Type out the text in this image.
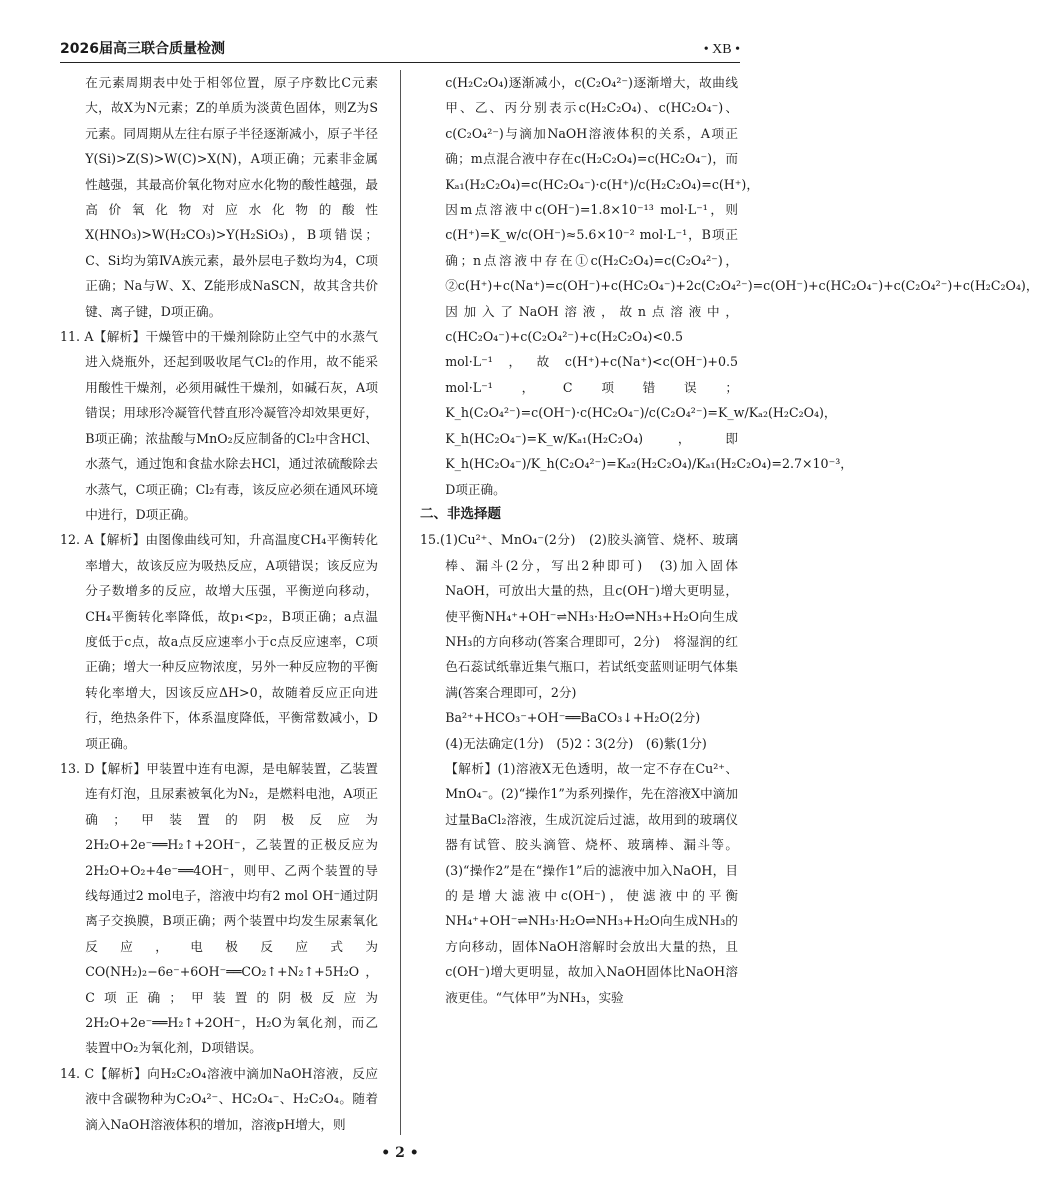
2026届高三联合质量检测	• XB •

在元素周期表中处于相邻位置，原子序数比C元素大，故X为N元素；Z的单质为淡黄色固体，则Z为S元素。同周期从左往右原子半径逐渐减小，原子半径Y(Si)>Z(S)>W(C)>X(N)，A项正确；元素非金属性越强，其最高价氧化物对应水化物的酸性越强，最高价氧化物对应水化物的酸性X(HNO₃)>W(H₂CO₃)>Y(H₂SiO₃)，B项错误；C、Si均为第ⅣA族元素，最外层电子数均为4，C项正确；Na与W、X、Z能形成NaSCN，故其含共价键、离子键，D项正确。

11. A【解析】干燥管中的干燥剂除防止空气中的水蒸气进入烧瓶外，还起到吸收尾气Cl₂的作用，故不能采用酸性干燥剂，必须用碱性干燥剂，如碱石灰，A项错误；用球形冷凝管代替直形冷凝管冷却效果更好，B项正确；浓盐酸与MnO₂反应制备的Cl₂中含HCl、水蒸气，通过饱和食盐水除去HCl，通过浓硫酸除去水蒸气，C项正确；Cl₂有毒，该反应必须在通风环境中进行，D项正确。

12. A【解析】由图像曲线可知，升高温度CH₄平衡转化率增大，故该反应为吸热反应，A项错误；该反应为分子数增多的反应，故增大压强，平衡逆向移动，CH₄平衡转化率降低，故p₁<p₂，B项正确；a点温度低于c点，故a点反应速率小于c点反应速率，C项正确；增大一种反应物浓度，另外一种反应物的平衡转化率增大，因该反应ΔH>0，故随着反应正向进行，绝热条件下，体系温度降低，平衡常数减小，D项正确。

13. D【解析】甲装置中连有电源，是电解装置，乙装置连有灯泡，且尿素被氧化为N₂，是燃料电池，A项正确；甲装置的阴极反应为2H₂O+2e⁻══H₂↑+2OH⁻，乙装置的正极反应为2H₂O+O₂+4e⁻══4OH⁻，则甲、乙两个装置的导线每通过2 mol电子，溶液中均有2 mol OH⁻通过阴离子交换膜，B项正确；两个装置中均发生尿素氧化反应，电极反应式为CO(NH₂)₂−6e⁻+6OH⁻══CO₂↑+N₂↑+5H₂O，C项正确；甲装置的阴极反应为2H₂O+2e⁻══H₂↑+2OH⁻，H₂O为氧化剂，而乙装置中O₂为氧化剂，D项错误。

14. C【解析】向H₂C₂O₄溶液中滴加NaOH溶液，反应液中含碳物种为C₂O₄²⁻、HC₂O₄⁻、H₂C₂O₄。随着滴入NaOH溶液体积的增加，溶液pH增大，则

c(H₂C₂O₄)逐渐减小，c(C₂O₄²⁻)逐渐增大，故曲线甲、乙、丙分别表示c(H₂C₂O₄)、c(HC₂O₄⁻)、c(C₂O₄²⁻)与滴加NaOH溶液体积的关系，A项正确；m点混合液中存在c(H₂C₂O₄)=c(HC₂O₄⁻)，而Kₐ₁(H₂C₂O₄)=c(HC₂O₄⁻)·c(H⁺)/c(H₂C₂O₄)=c(H⁺)，因m点溶液中c(OH⁻)=1.8×10⁻¹³ mol·L⁻¹，则c(H⁺)=K_w/c(OH⁻)≈5.6×10⁻² mol·L⁻¹，B项正确；n点溶液中存在①c(H₂C₂O₄)=c(C₂O₄²⁻)，②c(H⁺)+c(Na⁺)=c(OH⁻)+c(HC₂O₄⁻)+2c(C₂O₄²⁻)=c(OH⁻)+c(HC₂O₄⁻)+c(C₂O₄²⁻)+c(H₂C₂O₄)，因加入了NaOH溶液，故n点溶液中，c(HC₂O₄⁻)+c(C₂O₄²⁻)+c(H₂C₂O₄)<0.5 mol·L⁻¹，故c(H⁺)+c(Na⁺)<c(OH⁻)+0.5 mol·L⁻¹，C项错误；K_h(C₂O₄²⁻)=c(OH⁻)·c(HC₂O₄⁻)/c(C₂O₄²⁻)=K_w/Kₐ₂(H₂C₂O₄)，K_h(HC₂O₄⁻)=K_w/Kₐ₁(H₂C₂O₄)，即K_h(HC₂O₄⁻)/K_h(C₂O₄²⁻)=Kₐ₂(H₂C₂O₄)/Kₐ₁(H₂C₂O₄)=2.7×10⁻³，D项正确。

二、非选择题

15.(1)Cu²⁺、MnO₄⁻(2分)　(2)胶头滴管、烧杯、玻璃棒、漏斗(2分，写出2种即可)　(3)加入固体NaOH，可放出大量的热，且c(OH⁻)增大更明显，使平衡NH₄⁺+OH⁻⇌NH₃·H₂O⇌NH₃+H₂O向生成NH₃的方向移动(答案合理即可，2分)　将湿润的红色石蕊试纸靠近集气瓶口，若试纸变蓝则证明气体集满(答案合理即可，2分)

Ba²⁺+HCO₃⁻+OH⁻══BaCO₃↓+H₂O(2分)

(4)无法确定(1分)　(5)2∶3(2分)　(6)紫(1分)

【解析】(1)溶液X无色透明，故一定不存在Cu²⁺、MnO₄⁻。(2)“操作1”为系列操作，先在溶液X中滴加过量BaCl₂溶液，生成沉淀后过滤，故用到的玻璃仪器有试管、胶头滴管、烧杯、玻璃棒、漏斗等。(3)“操作2”是在“操作1”后的滤液中加入NaOH，目的是增大滤液中c(OH⁻)，使滤液中的平衡NH₄⁺+OH⁻⇌NH₃·H₂O⇌NH₃+H₂O向生成NH₃的方向移动，固体NaOH溶解时会放出大量的热，且c(OH⁻)增大更明显，故加入NaOH固体比NaOH溶液更佳。“气体甲”为NH₃，实验

• 2 •
